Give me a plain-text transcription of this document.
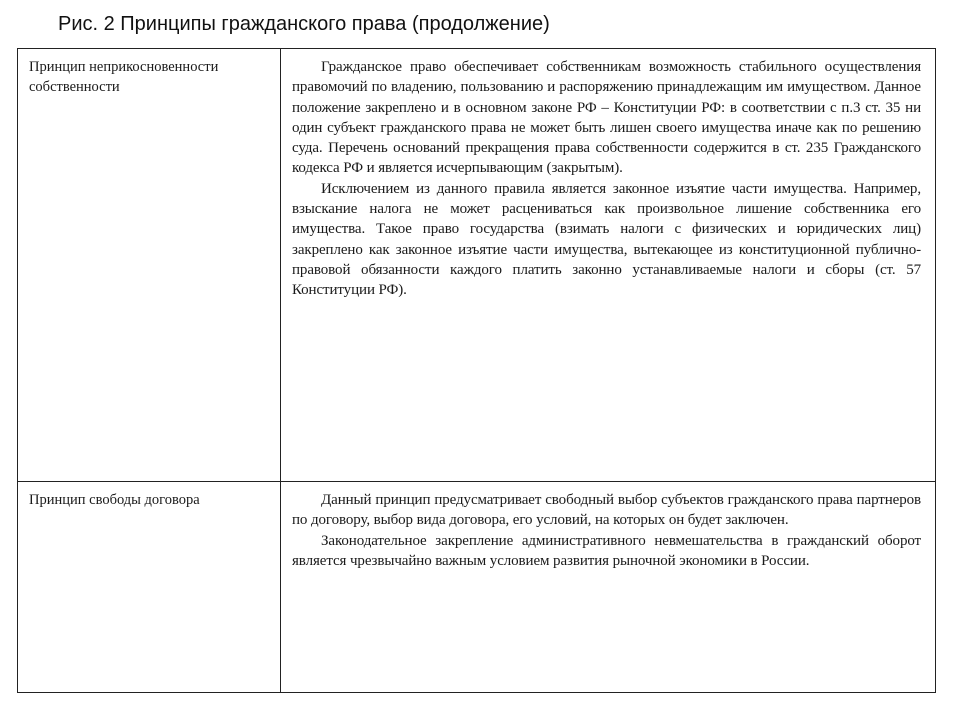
Рис. 2 Принципы гражданского права (продолжение)
Принцип неприкосновенности собственности	Гражданское право обеспечивает собственникам возможность стабильного осуществления правомочий по владению, пользованию и распоряжению принадлежащим им имуществом. Данное положение закреплено и в основном законе РФ – Конституции РФ: в соответствии с п.3 ст. 35 ни один субъект гражданского права не может быть лишен своего имущества иначе как по решению суда. Перечень оснований прекращения права собственности содержится в ст. 235 Гражданского кодекса РФ и является исчерпывающим (закрытым).

Исключением из данного правила является законное изъятие части имущества. Например, взыскание налога не может расцениваться как произвольное лишение собственника его имущества. Такое право государства (взимать налоги с физических и юридических лиц) закреплено как законное изъятие части имущества, вытекающее из конституционной публично-правовой обязанности каждого платить законно устанавливаемые налоги и сборы (ст. 57 Конституции РФ).

Принцип свободы договора	Данный принцип предусматривает свободный выбор субъектов гражданского права партнеров по договору, выбор вида договора, его условий, на которых он будет заключен.

Законодательное закрепление административного невмешательства в гражданский оборот является чрезвычайно важным условием развития рыночной экономики в России.
